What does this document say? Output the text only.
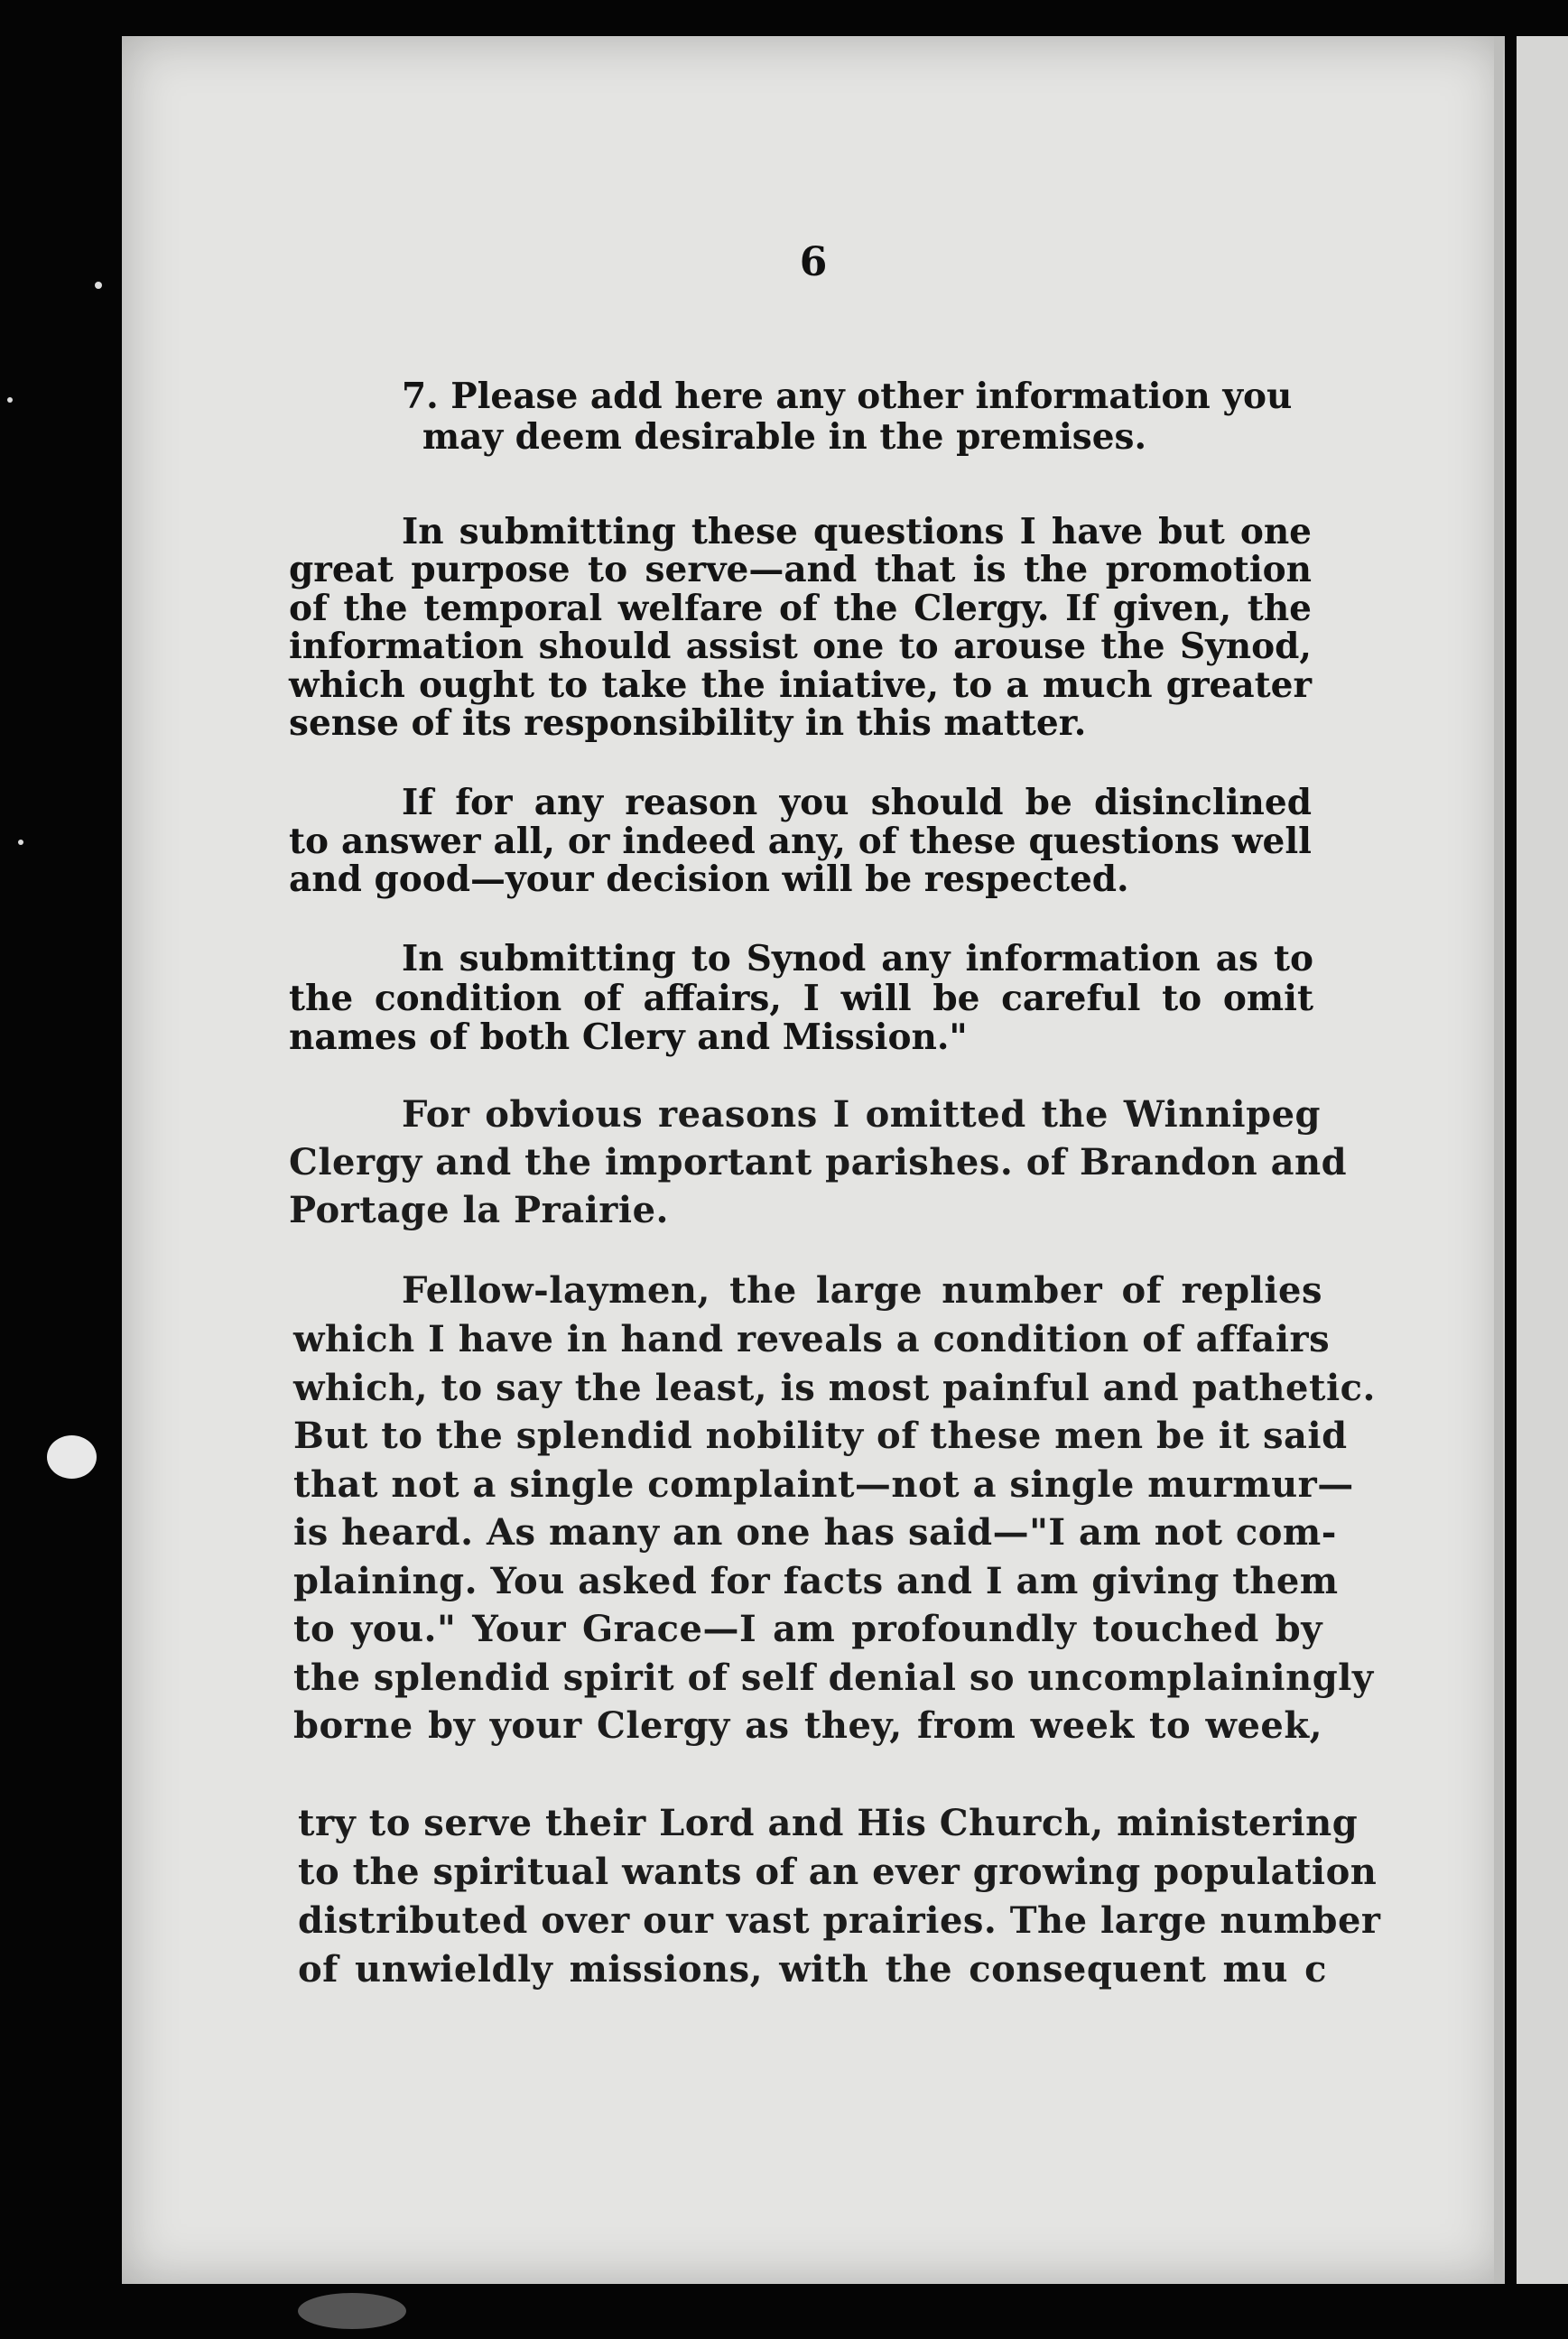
6
7. Please add here any other information you
may deem desirable in the premises.
In submitting these questions I have but one
great purpose to serve—and that is the promotion
of the temporal welfare of the Clergy. If given, the
information should assist one to arouse the Synod,
which ought to take the iniative, to a much greater
sense of its responsibility in this matter.
If for any reason you should be disinclined
to answer all, or indeed any, of these questions well
and good—your decision will be respected.
In submitting to Synod any information as to
the condition of affairs, I will be careful to omit
names of both Clery and Mission."
For obvious reasons I omitted the Winnipeg
Clergy and the important parishes. of Brandon and
Portage la Prairie.
Fellow-laymen, the large number of replies
which I have in hand reveals a condition of affairs
which, to say the least, is most painful and pathetic.
But to the splendid nobility of these men be it said
that not a single complaint—not a single murmur—
is heard. As many an one has said—"I am not com-
plaining. You asked for facts and I am giving them
to you." Your Grace—I am profoundly touched by
the splendid spirit of self denial so uncomplainingly
borne by your Clergy as they, from week to week,
try to serve their Lord and His Church, ministering
to the spiritual wants of an ever growing population
distributed over our vast prairies. The large number
of unwieldly missions, with the consequent mu c
